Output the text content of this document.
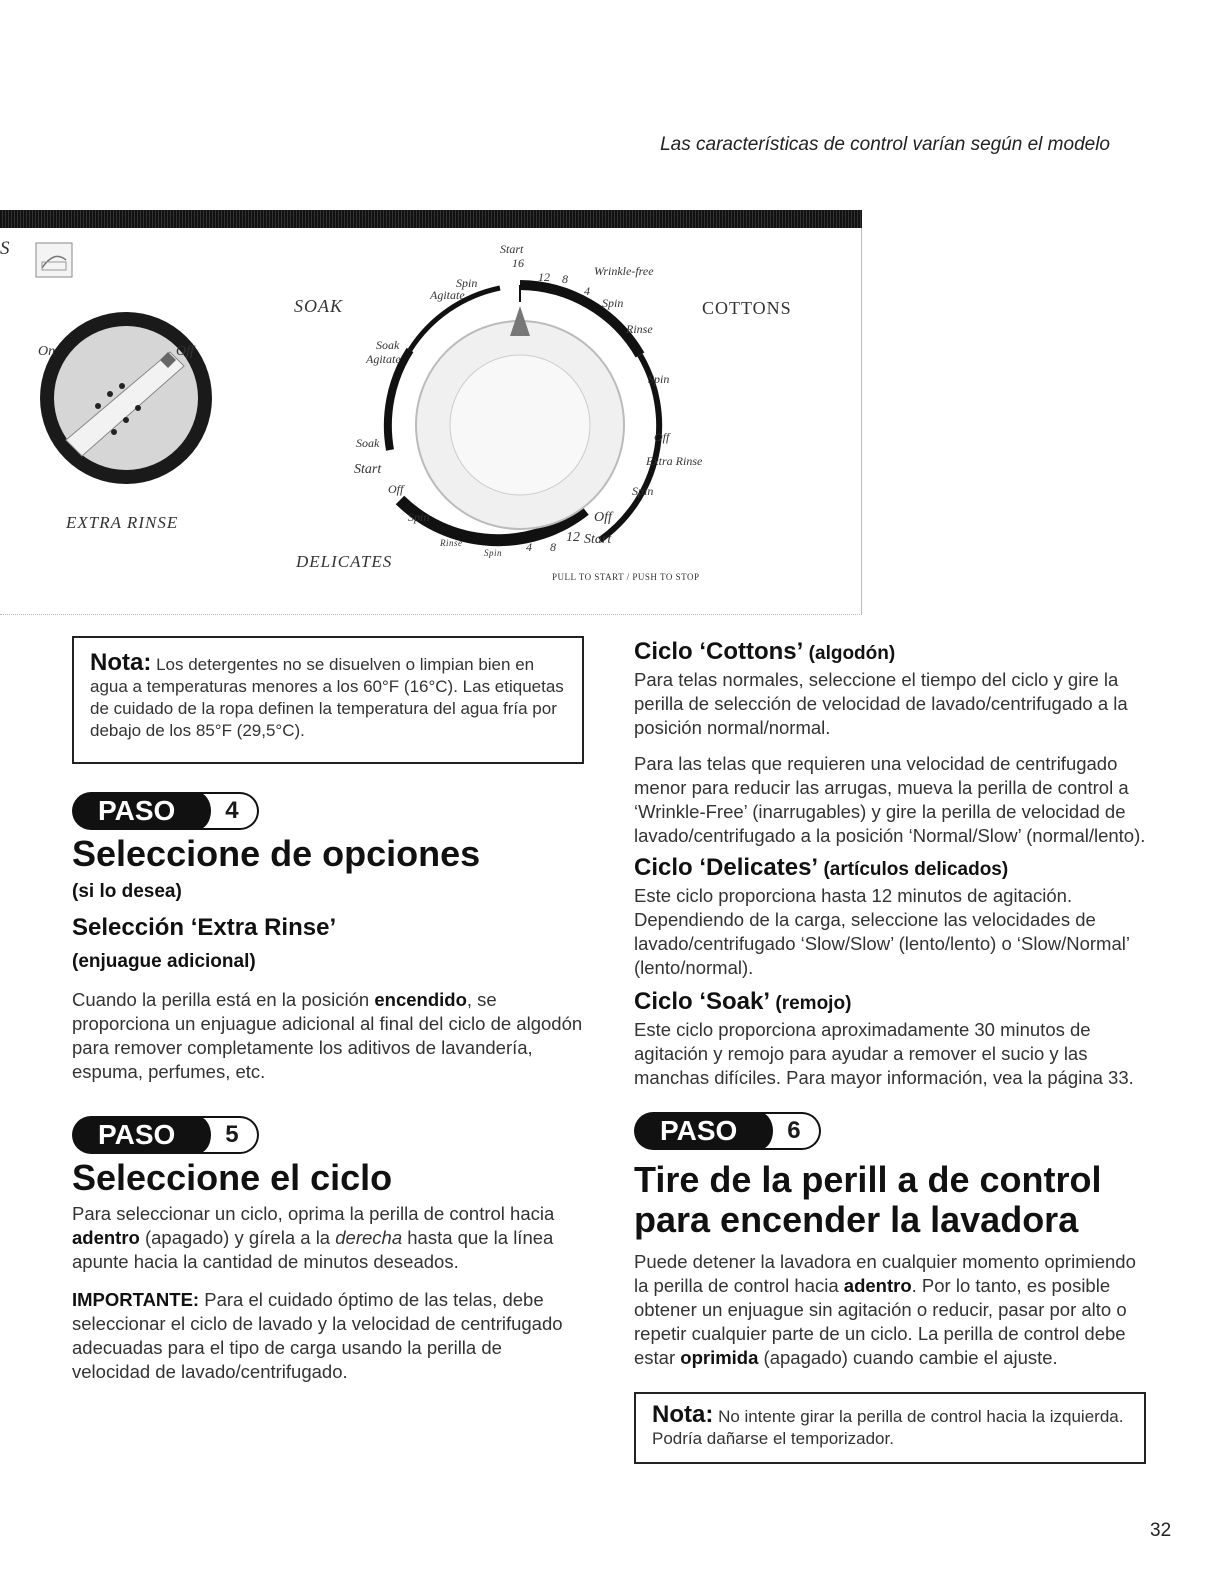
Las características de control varían según el modelo
S
On	Off
EXTRA RINSE
SOAK	COTTONS
DELICATES
PULL TO START / PUSH TO STOP
Start
16
12 8
Wrinkle-free
4
Spin
Agitate
Spin
Rinse
Soak
Agitate
Spin
Soak
Start
Off
Off
Extra Rinse
Spin
Spin	Off
Rinse
Spin 4 8
12 Start
Nota: Los detergentes no se disuelven o limpian bien en agua a temperaturas menores a los 60°F (16°C). Las etiquetas de cuidado de la ropa definen la temperatura del agua fría por debajo de los 85°F (29,5°C).
PASO	4
Seleccione de opciones
(si lo desea)
Selección ‘Extra Rinse’
(enjuague adicional)

Cuando la perilla está en la posición encendido, se proporciona un enjuague adicional al final del ciclo de algodón para remover completamente los aditivos de lavandería, espuma, perfumes, etc.

PASO	5
Seleccione el ciclo

Para seleccionar un ciclo, oprima la perilla de control hacia adentro (apagado) y gírela a la derecha hasta que la línea apunte hacia la cantidad de minutos deseados.

IMPORTANTE: Para el cuidado óptimo de las telas, debe seleccionar el ciclo de lavado y la velocidad de centrifugado adecuadas para el tipo de carga usando la perilla de velocidad de lavado/centrifugado.

Ciclo ‘Cottons’ (algodón)

Para telas normales, seleccione el tiempo del ciclo y gire la perilla de selección de velocidad de lavado/centrifugado a la posición normal/normal.

Para las telas que requieren una velocidad de centrifugado menor para reducir las arrugas, mueva la perilla de control a ‘Wrinkle-Free’ (inarrugables) y gire la perilla de velocidad de lavado/centrifugado a la posición ‘Normal/Slow’ (normal/lento).

Ciclo ‘Delicates’ (artículos delicados)

Este ciclo proporciona hasta 12 minutos de agitación. Dependiendo de la carga, seleccione las velocidades de lavado/centrifugado ‘Slow/Slow’ (lento/lento) o ‘Slow/Normal’ (lento/normal).

Ciclo ‘Soak’ (remojo)

Este ciclo proporciona aproximadamente 30 minutos de agitación y remojo para ayudar a remover el sucio y las manchas difíciles. Para mayor información, vea la página 33.

PASO	6
Tire de la perill a de control para encender la lavadora

Puede detener la lavadora en cualquier momento oprimiendo la perilla de control hacia adentro. Por lo tanto, es posible obtener un enjuague sin agitación o reducir, pasar por alto o repetir cualquier parte de un ciclo. La perilla de control debe estar oprimida (apagado) cuando cambie el ajuste.

Nota: No intente girar la perilla de control hacia la izquierda. Podría dañarse el temporizador.
32
